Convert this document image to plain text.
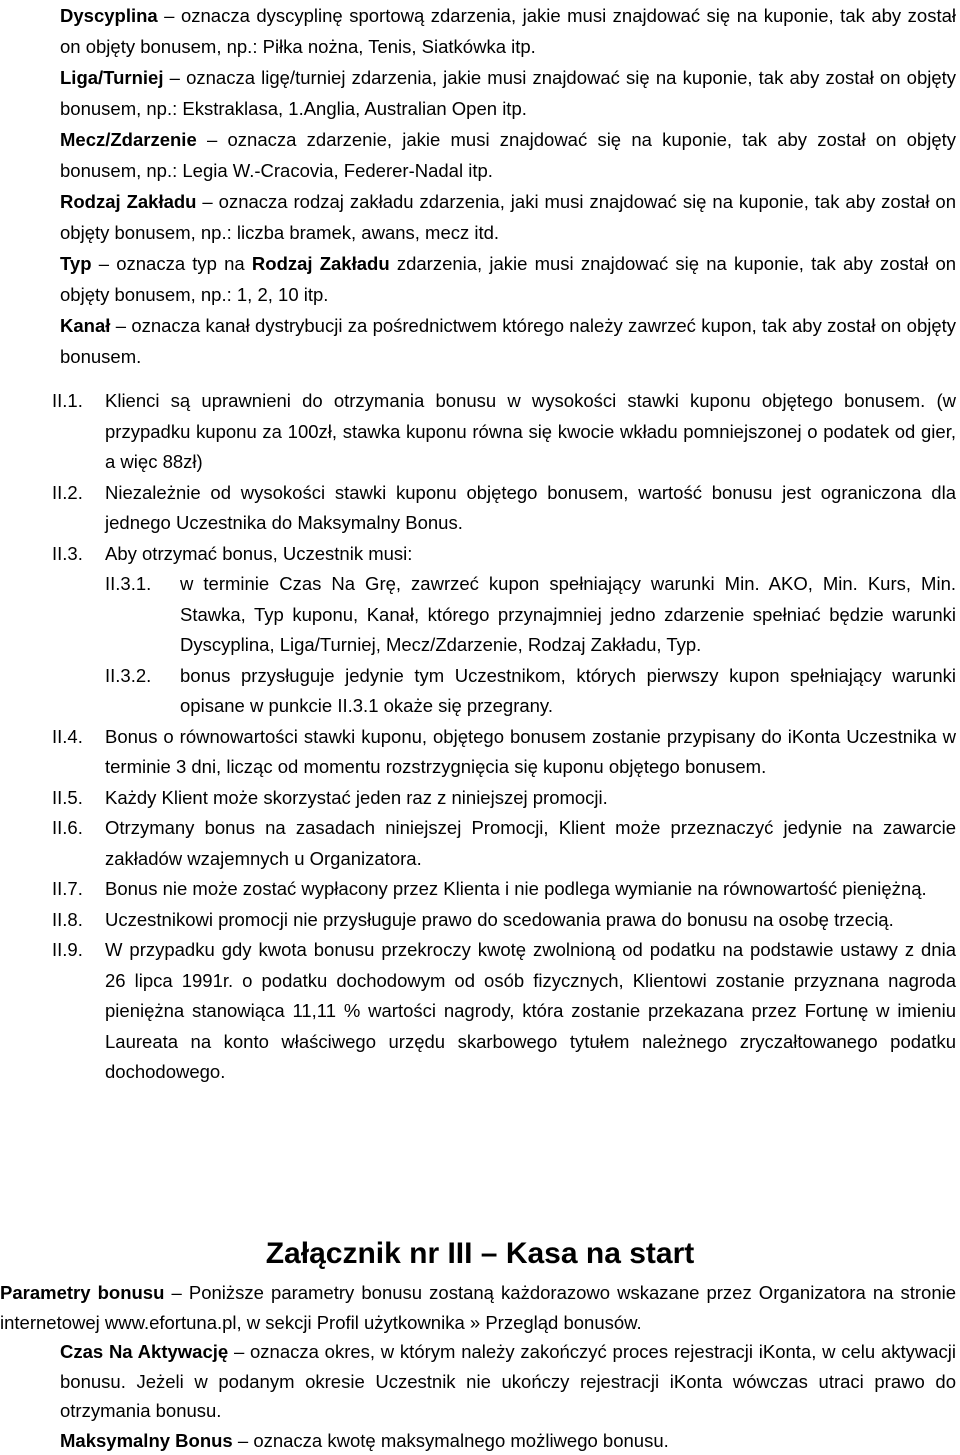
Dyscyplina – oznacza dyscyplinę sportową zdarzenia, jakie musi znajdować się na kuponie, tak aby został on objęty bonusem, np.: Piłka nożna, Tenis, Siatkówka itp.

Liga/Turniej – oznacza ligę/turniej zdarzenia, jakie musi znajdować się na kuponie, tak aby został on objęty bonusem, np.: Ekstraklasa, 1.Anglia, Australian Open itp.

Mecz/Zdarzenie – oznacza zdarzenie, jakie musi znajdować się na kuponie, tak aby został on objęty bonusem, np.: Legia W.-Cracovia, Federer-Nadal itp.

Rodzaj Zakładu – oznacza rodzaj zakładu zdarzenia, jaki musi znajdować się na kuponie, tak aby został on objęty bonusem, np.: liczba bramek, awans, mecz itd.

Typ – oznacza typ na Rodzaj Zakładu zdarzenia, jakie musi znajdować się na kuponie, tak aby został on objęty bonusem, np.: 1, 2, 10 itp.

Kanał – oznacza kanał dystrybucji za pośrednictwem którego należy zawrzeć kupon, tak aby został on objęty bonusem.

II.1.	Klienci są uprawnieni do otrzymania bonusu w wysokości stawki kuponu objętego bonusem. (w przypadku kuponu za 100zł, stawka kuponu równa się kwocie wkładu pomniejszonej o podatek od gier, a więc 88zł)
II.2.	Niezależnie od wysokości stawki kuponu objętego bonusem, wartość bonusu jest ograniczona dla jednego Uczestnika do Maksymalny Bonus.
II.3.	Aby otrzymać bonus, Uczestnik musi:
II.3.1.	w terminie Czas Na Grę, zawrzeć kupon spełniający warunki Min. AKO, Min. Kurs, Min. Stawka, Typ kuponu, Kanał, którego przynajmniej jedno zdarzenie spełniać będzie warunki Dyscyplina, Liga/Turniej, Mecz/Zdarzenie, Rodzaj Zakładu, Typ.
II.3.2.	bonus przysługuje jedynie tym Uczestnikom, których pierwszy kupon spełniający warunki opisane w punkcie II.3.1 okaże się przegrany.
II.4.	Bonus o równowartości stawki kuponu, objętego bonusem zostanie przypisany do iKonta Uczestnika w terminie 3 dni, licząc od momentu rozstrzygnięcia się kuponu objętego bonusem.
II.5.	Każdy Klient może skorzystać jeden raz z niniejszej promocji.
II.6.	Otrzymany bonus na zasadach niniejszej Promocji, Klient może przeznaczyć jedynie na zawarcie zakładów wzajemnych u Organizatora.
II.7.	Bonus nie może zostać wypłacony przez Klienta i nie podlega wymianie na równowartość pieniężną.
II.8.	Uczestnikowi promocji nie przysługuje prawo do scedowania prawa do bonusu na osobę trzecią.
II.9.	W przypadku gdy kwota bonusu przekroczy kwotę zwolnioną od podatku na podstawie ustawy z dnia 26 lipca 1991r. o podatku dochodowym od osób fizycznych, Klientowi zostanie przyznana nagroda pieniężna stanowiąca 11,11 % wartości nagrody, która zostanie przekazana przez Fortunę w imieniu Laureata na konto właściwego urzędu skarbowego tytułem należnego zryczałtowanego podatku dochodowego.
Załącznik nr III – Kasa na start

Parametry bonusu – Poniższe parametry bonusu zostaną każdorazowo wskazane przez Organizatora na stronie internetowej www.efortuna.pl, w sekcji Profil użytkownika » Przegląd bonusów.

Czas Na Aktywację – oznacza okres, w którym należy zakończyć proces rejestracji iKonta, w celu aktywacji bonusu. Jeżeli w podanym okresie Uczestnik nie ukończy rejestracji iKonta wówczas utraci prawo do otrzymania bonusu.

Maksymalny Bonus – oznacza kwotę maksymalnego możliwego bonusu.
